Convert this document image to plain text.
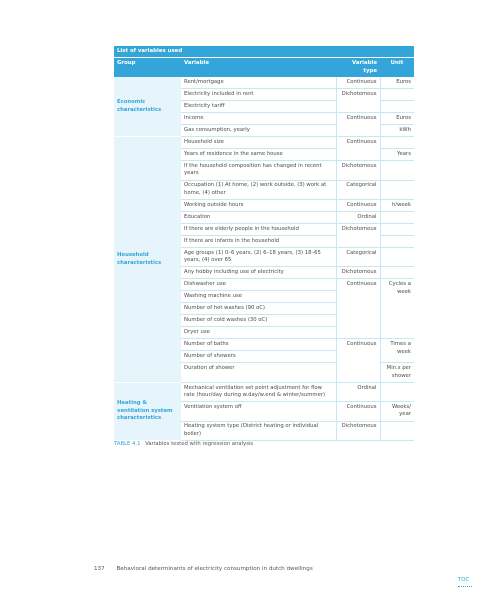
List of variables used			
Group	Variable	Variable type	Unit
Economic characteristics	Rent/mortgage	Continuous	Euros
	Electricity included in rent	Dichotomous	
	Electricity tariff		
	Income	Continuous	Euros
	Gas consumption, yearly		kWh
Household characteristics	Household size	Continuous	
	Years of residence in the same house		Years
	If the household composition has changed in recent years	Dichotomous	
	Occupation (1) At home, (2) work outside, (3) work at home, (4) other	Categorical	
	Working outside hours	Continuous	h/week
	Education	Ordinal	
	If there are elderly people in the household	Dichotomous	
	If there are infants in the household		
	Age groups (1) 0–6 years, (2) 6–18 years, (3) 18–65 years, (4) over 65	Categorical	
	Any hobby including use of electricity	Dichotomous	
	Dishwasher use	Continuous	Cycles a week
	Washing machine use		
	Number of hot washes (90 oC)		
	Number of cold washes (30 oC)		
	Dryer use		
	Number of baths	Continuous	Times a week
	Number of showers		
	Duration of shower		Min.s per shower
Heating & ventilation system characteristics	Mechanical ventilation set point adjustment for flow rate (hour/day during w.day/w.end & winter/summer)	Ordinal	
	Ventilation system off	Continuous	Weeks/ year
	Heating system type (District heating or individual boiler)	Dichotomous	
TABLE 4.1 Variables tested with regression analysis
137 Behavioral determinants of electricity consumption in dutch dwellings
TOC
